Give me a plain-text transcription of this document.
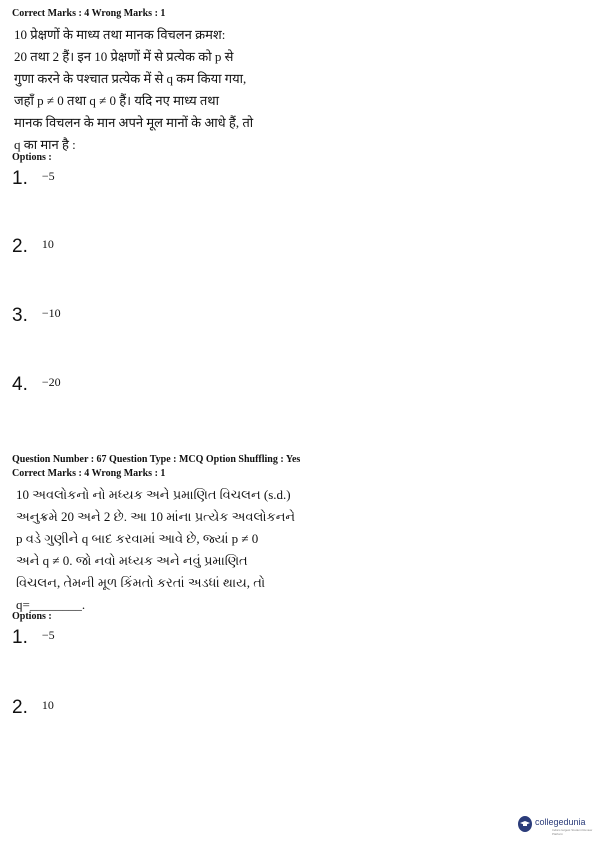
Correct Marks : 4 Wrong Marks : 1
10 प्रेक्षणों के माध्य तथा मानक विचलन क्रमश:
20 तथा 2 हैं। इन 10 प्रेक्षणों में से प्रत्येक को p से
गुणा करने के पश्चात प्रत्येक में से q कम किया गया,
जहाँ p ≠ 0 तथा q ≠ 0 हैं। यदि नए माध्य तथा
मानक विचलन के मान अपने मूल मानों के आधे हैं, तो
q का मान है :
Options :
1. $^{-5}$
2. $^{10}$
3. $^{-10}$
4. $^{-20}$
Question Number : 67 Question Type : MCQ Option Shuffling : Yes
Correct Marks : 4 Wrong Marks : 1
10 અવલોકનો નો મધ્યક અને પ્રમાણિત વિચલન (s.d.)
અનુક્રમે 20 અને 2 છે. આ 10 માંના પ્રત્યેક અવલોકનને
p વડે ગુણીને q બાદ કરવામાં આવે છે, જ્યાં p ≠ 0
અને q ≠ 0. જો નવો મધ્યક અને નવું પ્રમાણિત
વિચલન, તેમની મૂળ કિંમતો કરતાં અડધાં થાય, તો
q=________.
Options :
1. $^{-5}$
2. $^{10}$
collegedunia
India's largest Student Review Platform
